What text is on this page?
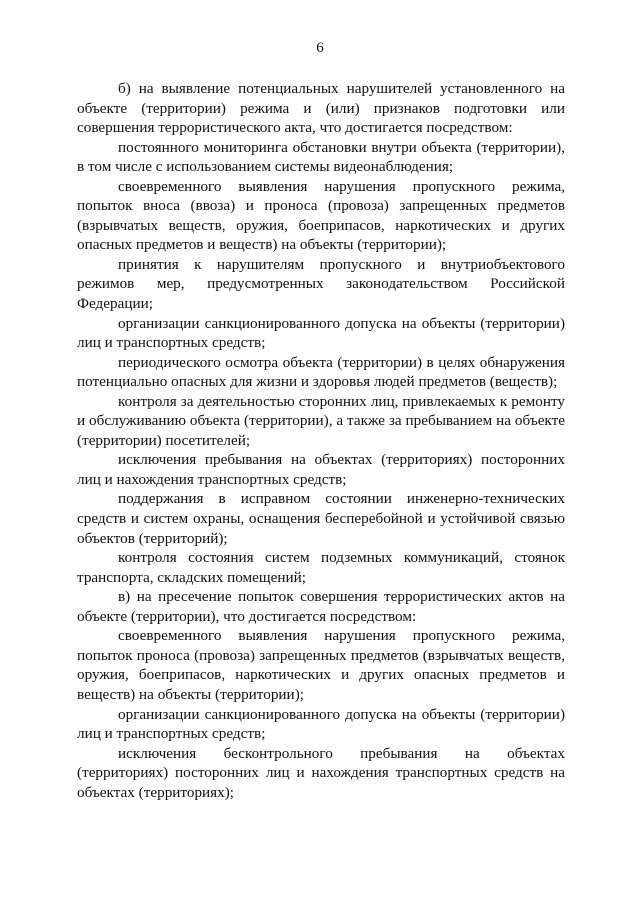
6

б) на выявление потенциальных нарушителей установленного на объекте (территории) режима и (или) признаков подготовки или совершения террористического акта, что достигается посредством:

постоянного мониторинга обстановки внутри объекта (территории), в том числе с использованием системы видеонаблюдения;

своевременного выявления нарушения пропускного режима, попыток вноса (ввоза) и проноса (провоза) запрещенных предметов (взрывчатых веществ, оружия, боеприпасов, наркотических и других опасных предметов и веществ) на объекты (территории);

принятия к нарушителям пропускного и внутриобъектового режимов мер, предусмотренных законодательством Российской Федерации;

организации санкционированного допуска на объекты (территории) лиц и транспортных средств;

периодического осмотра объекта (территории) в целях обнаружения потенциально опасных для жизни и здоровья людей предметов (веществ);

контроля за деятельностью сторонних лиц, привлекаемых к ремонту и обслуживанию объекта (территории), а также за пребыванием на объекте (территории) посетителей;

исключения пребывания на объектах (территориях) посторонних лиц и нахождения транспортных средств;

поддержания в исправном состоянии инженерно-технических средств и систем охраны, оснащения бесперебойной и устойчивой связью объектов (территорий);

контроля состояния систем подземных коммуникаций, стоянок транспорта, складских помещений;

в) на пресечение попыток совершения террористических актов на объекте (территории), что достигается посредством:

своевременного выявления нарушения пропускного режима, попыток проноса (провоза) запрещенных предметов (взрывчатых веществ, оружия, боеприпасов, наркотических и других опасных предметов и веществ) на объекты (территории);

организации санкционированного допуска на объекты (территории) лиц и транспортных средств;

исключения бесконтрольного пребывания на объектах (территориях) посторонних лиц и нахождения транспортных средств на объектах (территориях);
